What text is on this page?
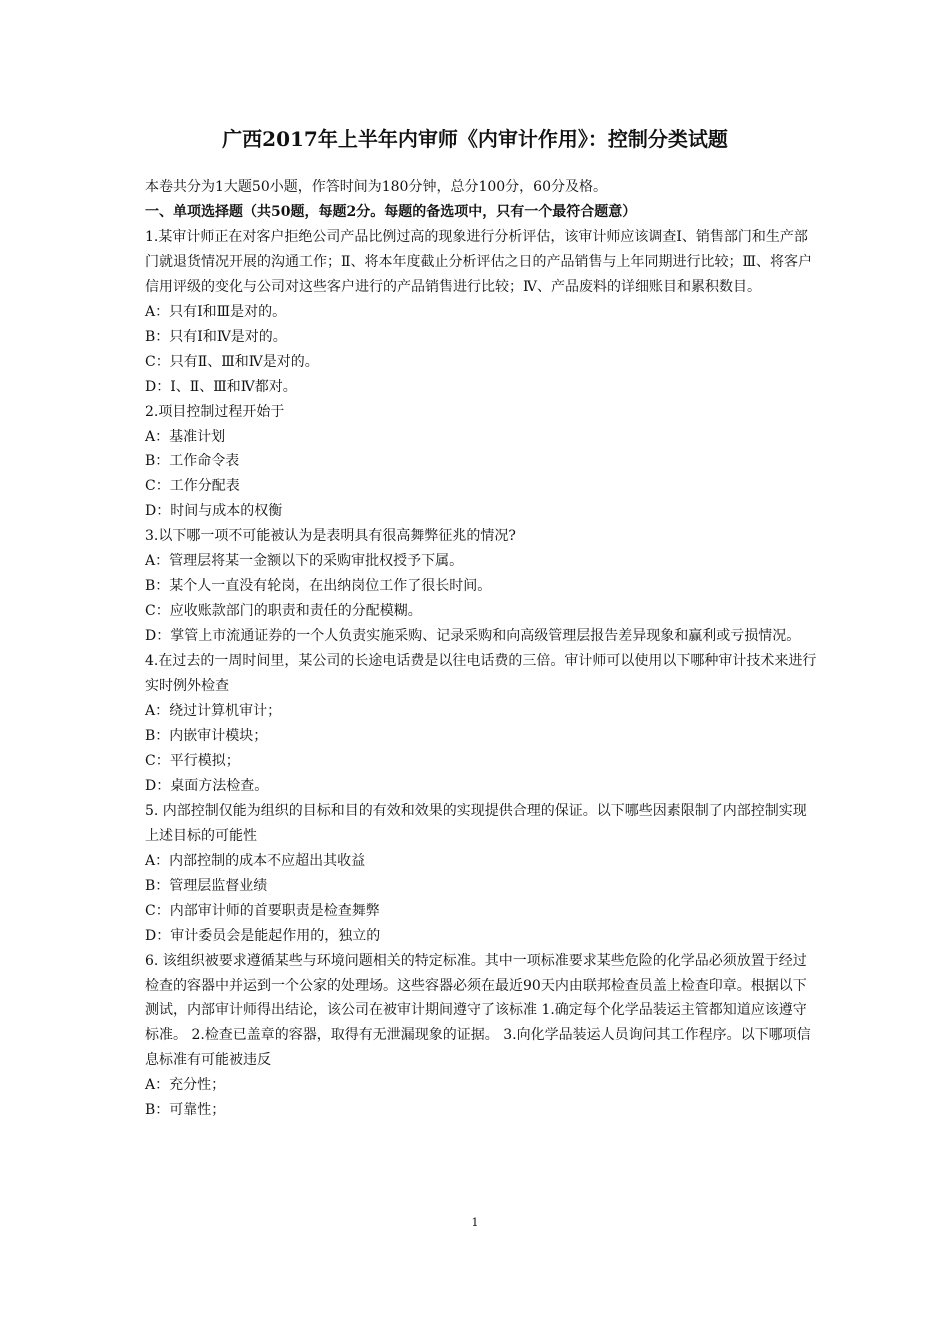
广西2017年上半年内审师《内审计作用》：控制分类试题

本卷共分为1大题50小题，作答时间为180分钟，总分100分，60分及格。

一、单项选择题（共50题，每题2分。每题的备选项中，只有一个最符合题意）

1.某审计师正在对客户拒绝公司产品比例过高的现象进行分析评估，该审计师应该调查Ⅰ、销售部门和生产部门就退货情况开展的沟通工作；Ⅱ、将本年度截止分析评估之日的产品销售与上年同期进行比较；Ⅲ、将客户信用评级的变化与公司对这些客户进行的产品销售进行比较；Ⅳ、产品废料的详细账目和累积数目。

A：只有Ⅰ和Ⅲ是对的。

B：只有Ⅰ和Ⅳ是对的。

C：只有Ⅱ、Ⅲ和Ⅳ是对的。

D：Ⅰ、Ⅱ、Ⅲ和Ⅳ都对。

2.项目控制过程开始于

A：基准计划

B：工作命令表

C：工作分配表

D：时间与成本的权衡

3.以下哪一项不可能被认为是表明具有很高舞弊征兆的情况?

A：管理层将某一金额以下的采购审批权授予下属。

B：某个人一直没有轮岗，在出纳岗位工作了很长时间。

C：应收账款部门的职责和责任的分配模糊。

D：掌管上市流通证券的一个人负责实施采购、记录采购和向高级管理层报告差异现象和赢利或亏损情况。

4.在过去的一周时间里，某公司的长途电话费是以往电话费的三倍。审计师可以使用以下哪种审计技术来进行实时例外检查

A：绕过计算机审计；

B：内嵌审计模块；

C：平行模拟；

D：桌面方法检查。

5. 内部控制仅能为组织的目标和目的有效和效果的实现提供合理的保证。以下哪些因素限制了内部控制实现上述目标的可能性

A：内部控制的成本不应超出其收益

B：管理层监督业绩

C：内部审计师的首要职责是检查舞弊

D：审计委员会是能起作用的，独立的

6. 该组织被要求遵循某些与环境问题相关的特定标准。其中一项标准要求某些危险的化学品必须放置于经过检查的容器中并运到一个公家的处理场。这些容器必须在最近90天内由联邦检查员盖上检查印章。根据以下测试，内部审计师得出结论，该公司在被审计期间遵守了该标准 1.确定每个化学品装运主管都知道应该遵守标准。 2.检查已盖章的容器，取得有无泄漏现象的证据。 3.向化学品装运人员询问其工作程序。以下哪项信息标准有可能被违反

A：充分性；

B：可靠性；

1
